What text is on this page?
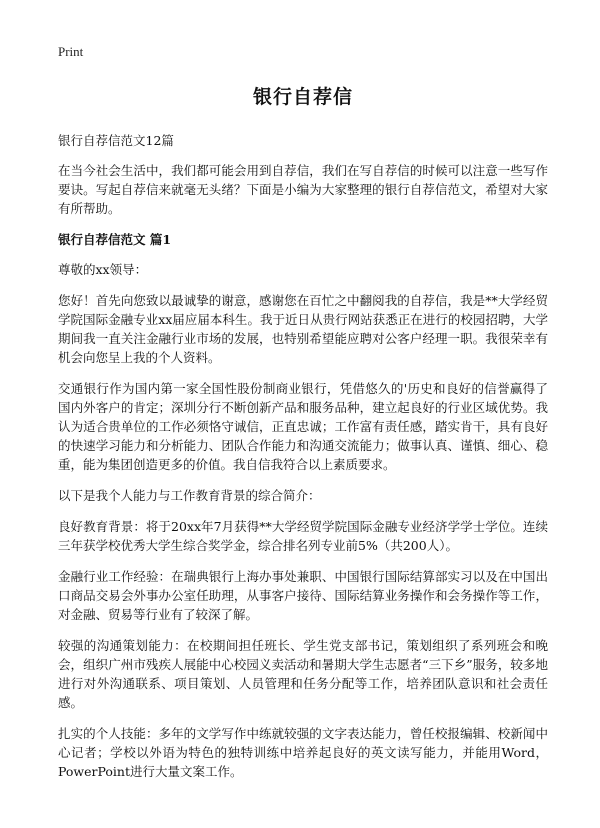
Print
银行自荐信
银行自荐信范文12篇
在当今社会生活中，我们都可能会用到自荐信，我们在写自荐信的时候可以注意一些写作要诀。写起自荐信来就毫无头绪？下面是小编为大家整理的银行自荐信范文，希望对大家有所帮助。
银行自荐信范文 篇1
尊敬的xx领导：
您好！首先向您致以最诚挚的谢意，感谢您在百忙之中翻阅我的自荐信，我是**大学经贸学院国际金融专业xx届应届本科生。我于近日从贵行网站获悉正在进行的校园招聘，大学期间我一直关注金融行业市场的发展，也特别希望能应聘对公客户经理一职。我很荣幸有机会向您呈上我的个人资料。
交通银行作为国内第一家全国性股份制商业银行，凭借悠久的'历史和良好的信誉赢得了国内外客户的肯定；深圳分行不断创新产品和服务品种，建立起良好的行业区域优势。我认为适合贵单位的工作必须恪守诚信，正直忠诚；工作富有责任感，踏实肯干，具有良好的快速学习能力和分析能力、团队合作能力和沟通交流能力；做事认真、谨慎、细心、稳重，能为集团创造更多的价值。我自信我符合以上素质要求。
以下是我个人能力与工作教育背景的综合简介：
良好教育背景：将于20xx年7月获得**大学经贸学院国际金融专业经济学学士学位。连续三年获学校优秀大学生综合奖学金，综合排名列专业前5%（共200人）。
金融行业工作经验：在瑞典银行上海办事处兼职、中国银行国际结算部实习以及在中国出口商品交易会外事办公室任助理，从事客户接待、国际结算业务操作和会务操作等工作，对金融、贸易等行业有了较深了解。
较强的沟通策划能力：在校期间担任班长、学生党支部书记，策划组织了系列班会和晚会，组织广州市残疾人展能中心校园义卖活动和暑期大学生志愿者“三下乡”服务，较多地进行对外沟通联系、项目策划、人员管理和任务分配等工作，培养团队意识和社会责任感。
扎实的个人技能：多年的文学写作中练就较强的文字表达能力，曾任校报编辑、校新闻中心记者；学校以外语为特色的独特训练中培养起良好的英文读写能力，并能用Word，PowerPoint进行大量文案工作。
